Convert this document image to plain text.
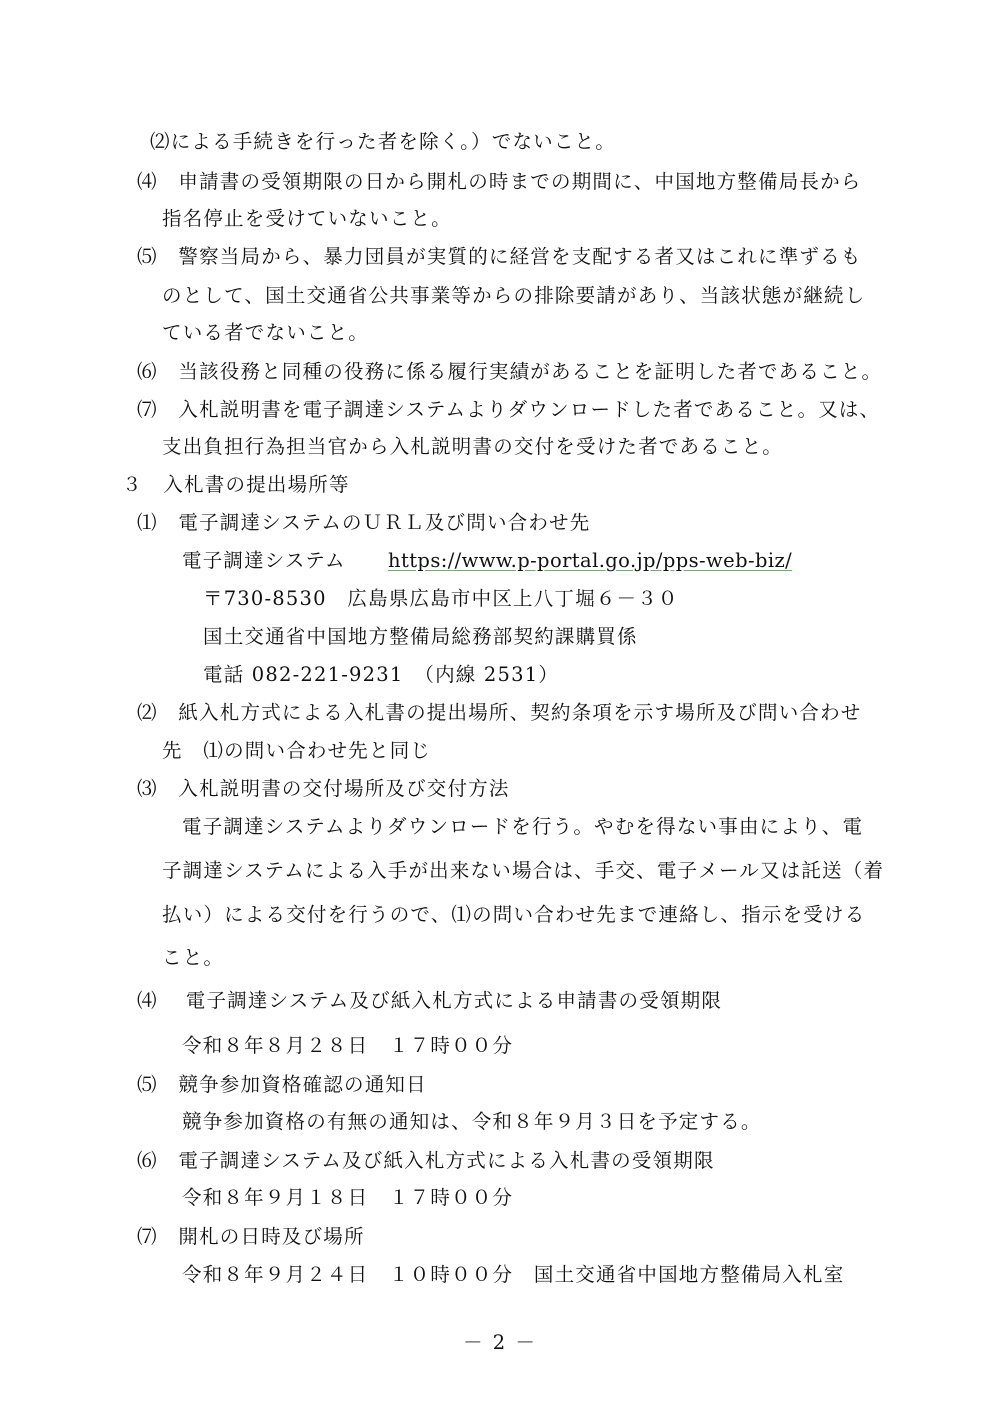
⑵による手続きを行った者を除く。）でないこと。
⑷　申請書の受領期限の日から開札の時までの期間に、中国地方整備局長から
指名停止を受けていないこと。
⑸　警察当局から、暴力団員が実質的に経営を支配する者又はこれに準ずるも
のとして、国土交通省公共事業等からの排除要請があり、当該状態が継続し
ている者でないこと。
⑹　当該役務と同種の役務に係る履行実績があることを証明した者であること。
⑺　入札説明書を電子調達システムよりダウンロードした者であること。又は、
支出負担行為担当官から入札説明書の交付を受けた者であること。
３　入札書の提出場所等
⑴　電子調達システムのＵＲＬ及び問い合わせ先
電子調達システム https://www.p-portal.go.jp/pps-web-biz/
〒730-8530　広島県広島市中区上八丁堀６－３０
国土交通省中国地方整備局総務部契約課購買係
電話 082-221-9231　（内線 2531）
⑵　紙入札方式による入札書の提出場所、契約条項を示す場所及び問い合わせ
先　⑴の問い合わせ先と同じ
⑶　入札説明書の交付場所及び交付方法
電子調達システムよりダウンロードを行う。やむを得ない事由により、電
子調達システムによる入手が出来ない場合は、手交、電子メール又は託送（着
払い）による交付を行うので、⑴の問い合わせ先まで連絡し、指示を受ける
こと。
⑷　 電子調達システム及び紙入札方式による申請書の受領期限
令和８年８月２８日　１７時００分
⑸　競争参加資格確認の通知日
競争参加資格の有無の通知は、令和８年９月３日を予定する。
⑹　電子調達システム及び紙入札方式による入札書の受領期限
令和８年９月１８日　１７時００分
⑺　開札の日時及び場所
令和８年９月２４日　１０時００分　国土交通省中国地方整備局入札室
－ 2 －
